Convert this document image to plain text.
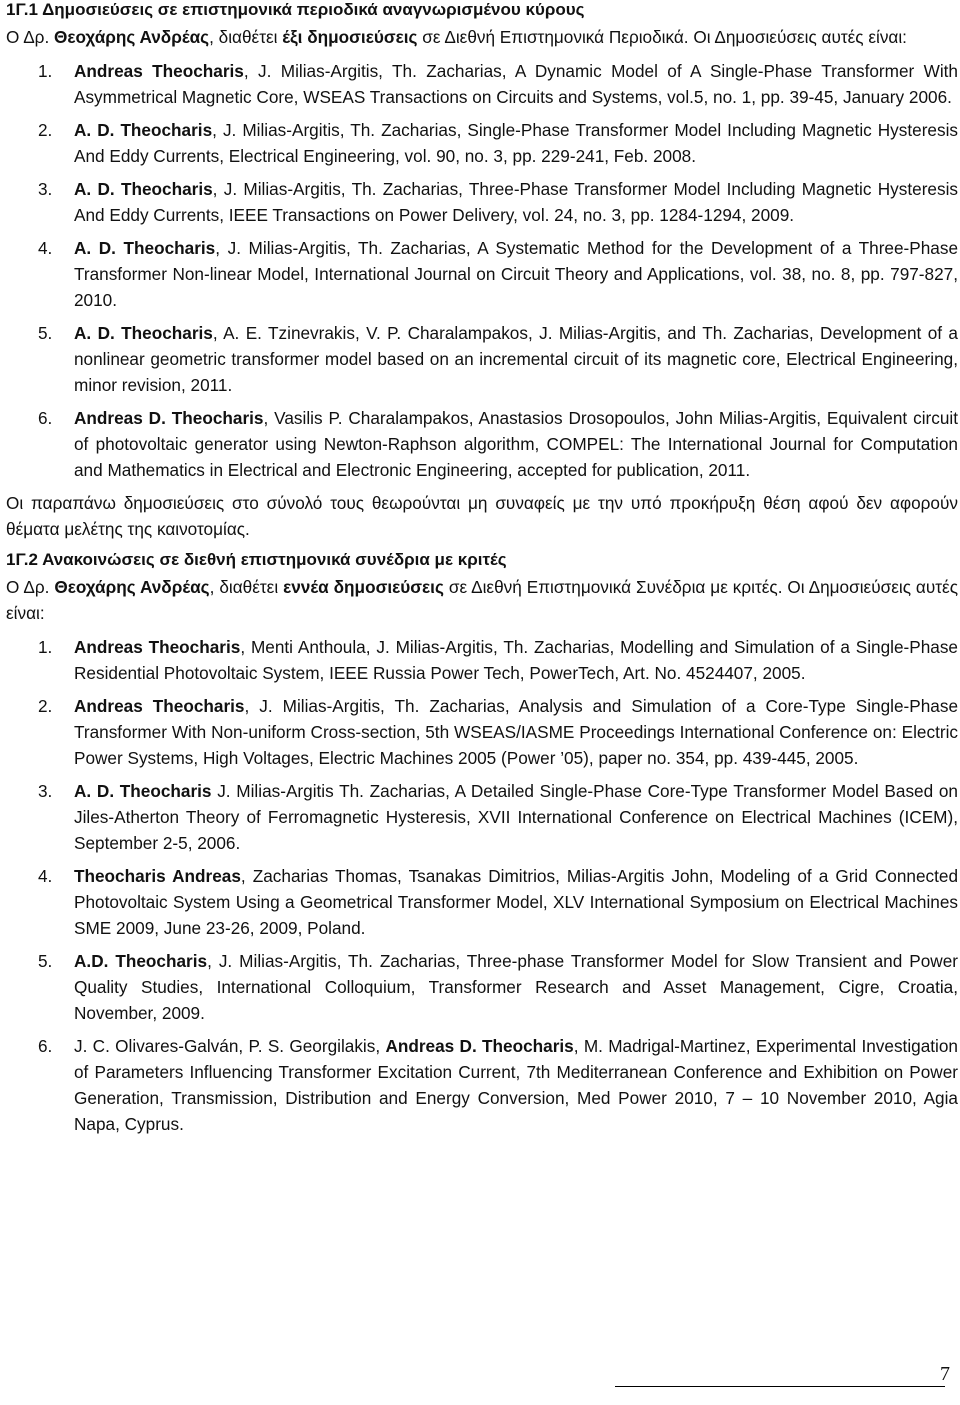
1Γ.1 Δημοσιεύσεις σε επιστημονικά περιοδικά αναγνωρισμένου κύρους

Ο Δρ. Θεοχάρης Ανδρέας, διαθέτει έξι δημοσιεύσεις σε Διεθνή Επιστημονικά Περιοδικά. Οι Δημοσιεύσεις αυτές είναι:

1. Andreas Theocharis, J. Milias-Argitis, Th. Zacharias, A Dynamic Model of A Single-Phase Transformer With Asymmetrical Magnetic Core, WSEAS Transactions on Circuits and Systems, vol.5, no. 1, pp. 39-45, January 2006.
2. A. D. Theocharis, J. Milias-Argitis, Th. Zacharias, Single-Phase Transformer Model Including Magnetic Hysteresis And Eddy Currents, Electrical Engineering, vol. 90, no. 3, pp. 229-241, Feb. 2008.
3. A. D. Theocharis, J. Milias-Argitis, Th. Zacharias, Three-Phase Transformer Model Including Magnetic Hysteresis And Eddy Currents, IEEE Transactions on Power Delivery, vol. 24, no. 3, pp. 1284-1294, 2009.
4. A. D. Theocharis, J. Milias-Argitis, Th. Zacharias, A Systematic Method for the Development of a Three-Phase Transformer Non-linear Model, International Journal on Circuit Theory and Applications, vol. 38, no. 8, pp. 797-827, 2010.
5. A. D. Theocharis, A. E. Tzinevrakis, V. P. Charalampakos, J. Milias-Argitis, and Th. Zacharias, Development of a nonlinear geometric transformer model based on an incremental circuit of its magnetic core, Electrical Engineering, minor revision, 2011.
6. Andreas D. Theocharis, Vasilis P. Charalampakos, Anastasios Drosopoulos, John Milias-Argitis, Equivalent circuit of photovoltaic generator using Newton-Raphson algorithm, COMPEL: The International Journal for Computation and Mathematics in Electrical and Electronic Engineering, accepted for publication, 2011.

Οι παραπάνω δημοσιεύσεις στο σύνολό τους θεωρούνται μη συναφείς με την υπό προκήρυξη θέση αφού δεν αφορούν θέματα μελέτης της καινοτομίας.

1Γ.2 Ανακοινώσεις σε διεθνή επιστημονικά συνέδρια με κριτές

Ο Δρ. Θεοχάρης Ανδρέας, διαθέτει εννέα δημοσιεύσεις σε Διεθνή Επιστημονικά Συνέδρια με κριτές. Οι Δημοσιεύσεις αυτές είναι:

1. Andreas Theocharis, Menti Anthoula, J. Milias-Argitis, Th. Zacharias, Modelling and Simulation of a Single-Phase Residential Photovoltaic System, IEEE Russia Power Tech, PowerTech, Art. No. 4524407, 2005.
2. Andreas Theocharis, J. Milias-Argitis, Th. Zacharias, Analysis and Simulation of a Core-Type Single-Phase Transformer With Non-uniform Cross-section, 5th WSEAS/IASME Proceedings International Conference on: Electric Power Systems, High Voltages, Electric Machines 2005 (Power ’05), paper no. 354, pp. 439-445, 2005.
3. A. D. Theocharis J. Milias-Argitis Th. Zacharias, A Detailed Single-Phase Core-Type Transformer Model Based on Jiles-Atherton Theory of Ferromagnetic Hysteresis, XVII International Conference on Electrical Machines (ICEM), September 2-5, 2006.
4. Theocharis Andreas, Zacharias Thomas, Tsanakas Dimitrios, Milias-Argitis John, Modeling of a Grid Connected Photovoltaic System Using a Geometrical Transformer Model, XLV International Symposium on Electrical Machines SME 2009, June 23-26, 2009, Poland.
5. A.D. Theocharis, J. Milias-Argitis, Th. Zacharias, Three-phase Transformer Model for Slow Transient and Power Quality Studies, International Colloquium, Transformer Research and Asset Management, Cigre, Croatia, November, 2009.
6. J. C. Olivares-Galván, P. S. Georgilakis, Andreas D. Theocharis, M. Madrigal-Martinez, Experimental Investigation of Parameters Influencing Transformer Excitation Current, 7th Mediterranean Conference and Exhibition on Power Generation, Transmission, Distribution and Energy Conversion, Med Power 2010, 7 – 10 November 2010, Agia Napa, Cyprus.
7
